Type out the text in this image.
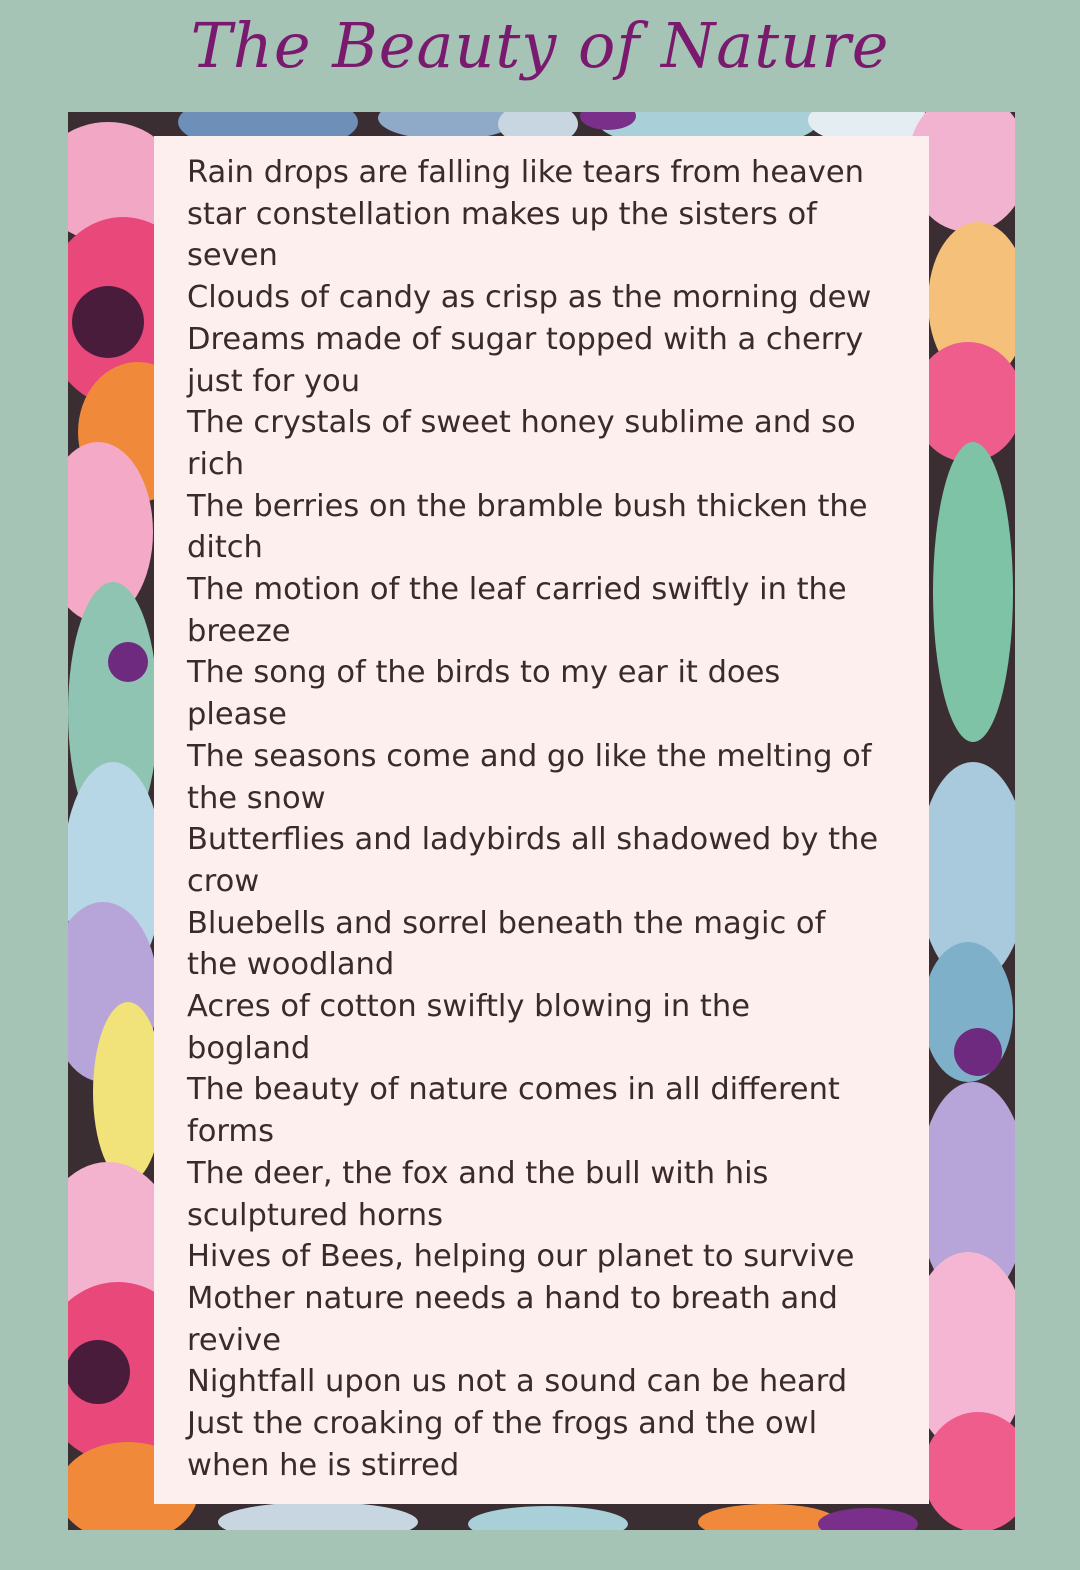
The Beauty of Nature
Rain drops are falling like tears from heaven
star constellation makes up the sisters of
seven
Clouds of candy as crisp as the morning dew
Dreams made of sugar topped with a cherry
just for you
The crystals of sweet honey sublime and so
rich
The berries on the bramble bush thicken the
ditch
The motion of the leaf carried swiftly in the
breeze
The song of the birds to my ear it does
please
The seasons come and go like the melting of
the snow
Butterflies and ladybirds all shadowed by the
crow
Bluebells and sorrel beneath the magic of
the woodland
Acres of cotton swiftly blowing in the
bogland
The beauty of nature comes in all different
forms
The deer, the fox and the bull with his
sculptured horns
Hives of Bees, helping our planet to survive
Mother nature needs a hand to breath and
revive
Nightfall upon us not a sound can be heard
Just the croaking of the frogs and the owl
when he is stirred
